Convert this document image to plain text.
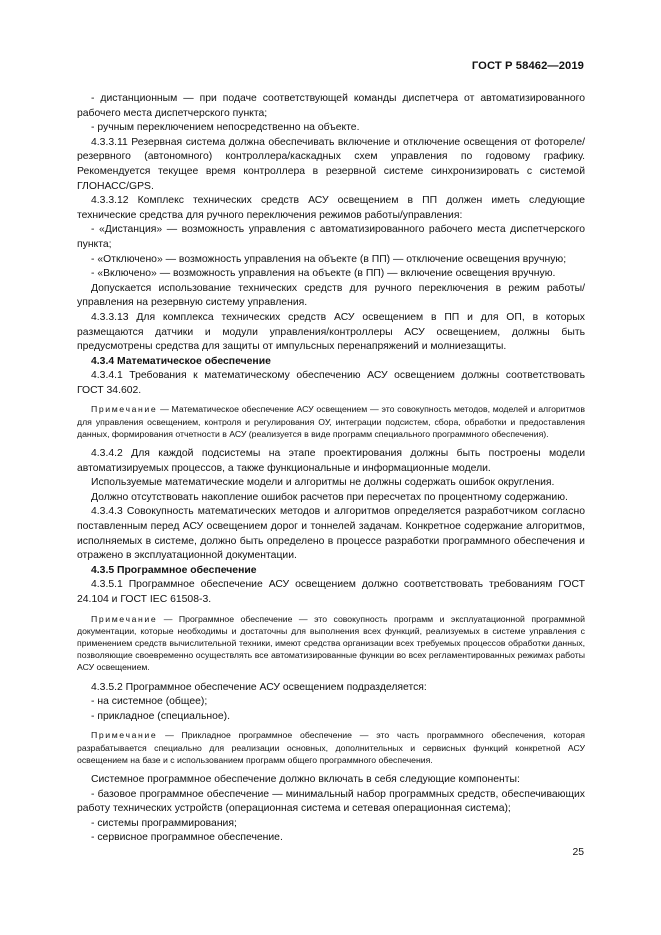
ГОСТ Р 58462—2019

- дистанционным — при подаче соответствующей команды диспетчера от автоматизированного рабочего места диспетчерского пункта;

- ручным переключением непосредственно на объекте.

4.3.3.11 Резервная система должна обеспечивать включение и отключение освещения от фотореле/резервного (автономного) контроллера/каскадных схем управления по годовому графику. Рекомендуется текущее время контроллера в резервной системе синхронизировать с системой ГЛОНАСС/GPS.

4.3.3.12 Комплекс технических средств АСУ освещением в ПП должен иметь следующие технические средства для ручного переключения режимов работы/управления:

- «Дистанция» — возможность управления с автоматизированного рабочего места диспетчерского пункта;

- «Отключено» — возможность управления на объекте (в ПП) — отключение освещения вручную;

- «Включено» — возможность управления на объекте (в ПП) — включение освещения вручную.

Допускается использование технических средств для ручного переключения в режим работы/управления на резервную систему управления.

4.3.3.13 Для комплекса технических средств АСУ освещением в ПП и для ОП, в которых размещаются датчики и модули управления/контроллеры АСУ освещением, должны быть предусмотрены средства для защиты от импульсных перенапряжений и молниезащиты.

4.3.4 Математическое обеспечение

4.3.4.1 Требования к математическому обеспечению АСУ освещением должны соответствовать ГОСТ 34.602.

Примечание — Математическое обеспечение АСУ освещением — это совокупность методов, моделей и алгоритмов для управления освещением, контроля и регулирования ОУ, интеграции подсистем, сбора, обработки и предоставления данных, формирования отчетности в АСУ (реализуется в виде программ специального программного обеспечения).

4.3.4.2 Для каждой подсистемы на этапе проектирования должны быть построены модели автоматизируемых процессов, а также функциональные и информационные модели.

Используемые математические модели и алгоритмы не должны содержать ошибок округления.

Должно отсутствовать накопление ошибок расчетов при пересчетах по процентному содержанию.

4.3.4.3 Совокупность математических методов и алгоритмов определяется разработчиком согласно поставленным перед АСУ освещением дорог и тоннелей задачам. Конкретное содержание алгоритмов, исполняемых в системе, должно быть определено в процессе разработки программного обеспечения и отражено в эксплуатационной документации.

4.3.5 Программное обеспечение

4.3.5.1 Программное обеспечение АСУ освещением должно соответствовать требованиям ГОСТ 24.104 и ГОСТ IEC 61508-3.

Примечание — Программное обеспечение — это совокупность программ и эксплуатационной программной документации, которые необходимы и достаточны для выполнения всех функций, реализуемых в системе управления с применением средств вычислительной техники, имеют средства организации всех требуемых процессов обработки данных, позволяющие своевременно осуществлять все автоматизированные функции во всех регламентированных режимах работы АСУ освещением.

4.3.5.2 Программное обеспечение АСУ освещением подразделяется:

- на системное (общее);

- прикладное (специальное).

Примечание — Прикладное программное обеспечение — это часть программного обеспечения, которая разрабатывается специально для реализации основных, дополнительных и сервисных функций конкретной АСУ освещением на базе и с использованием программ общего программного обеспечения.

Системное программное обеспечение должно включать в себя следующие компоненты:

- базовое программное обеспечение — минимальный набор программных средств, обеспечивающих работу технических устройств (операционная система и сетевая операционная система);

- системы программирования;

- сервисное программное обеспечение.

25
